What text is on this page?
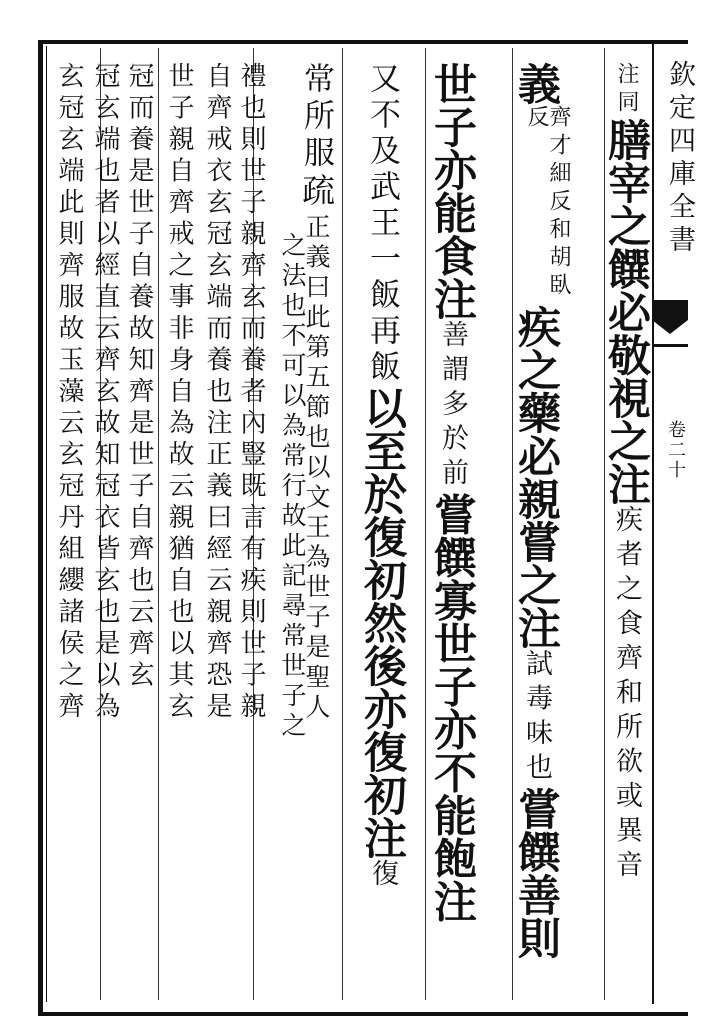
欽定四庫全書
卷二十
注同膳宰之饌必敬視之注疾者之食齊和所欲或異音
義齊才細反和胡臥反疾之藥必親嘗之注試毒味也嘗饌善則
世子亦能食注善謂多於前嘗饌寡世子亦不能飽注
又不及武王一飯再飯以至於復初然後亦復初注復
常所服疏正義曰此第五節也以文王為世子是聖人
之法也不可以為常行故此記尋常世子之
禮也則世子親齊玄而養者內豎既言有疾則世子親
自齊戒衣玄冠玄端而養也注正義曰經云親齊恐是
世子親自齊戒之事非身自為故云親猶自也以其玄
冠而養是世子自養故知齊是世子自齊也云齊玄
冠玄端也者以經直云齊玄故知冠衣皆玄也是以為
玄冠玄端此則齊服故玉藻云玄冠丹組纓諸侯之齊
